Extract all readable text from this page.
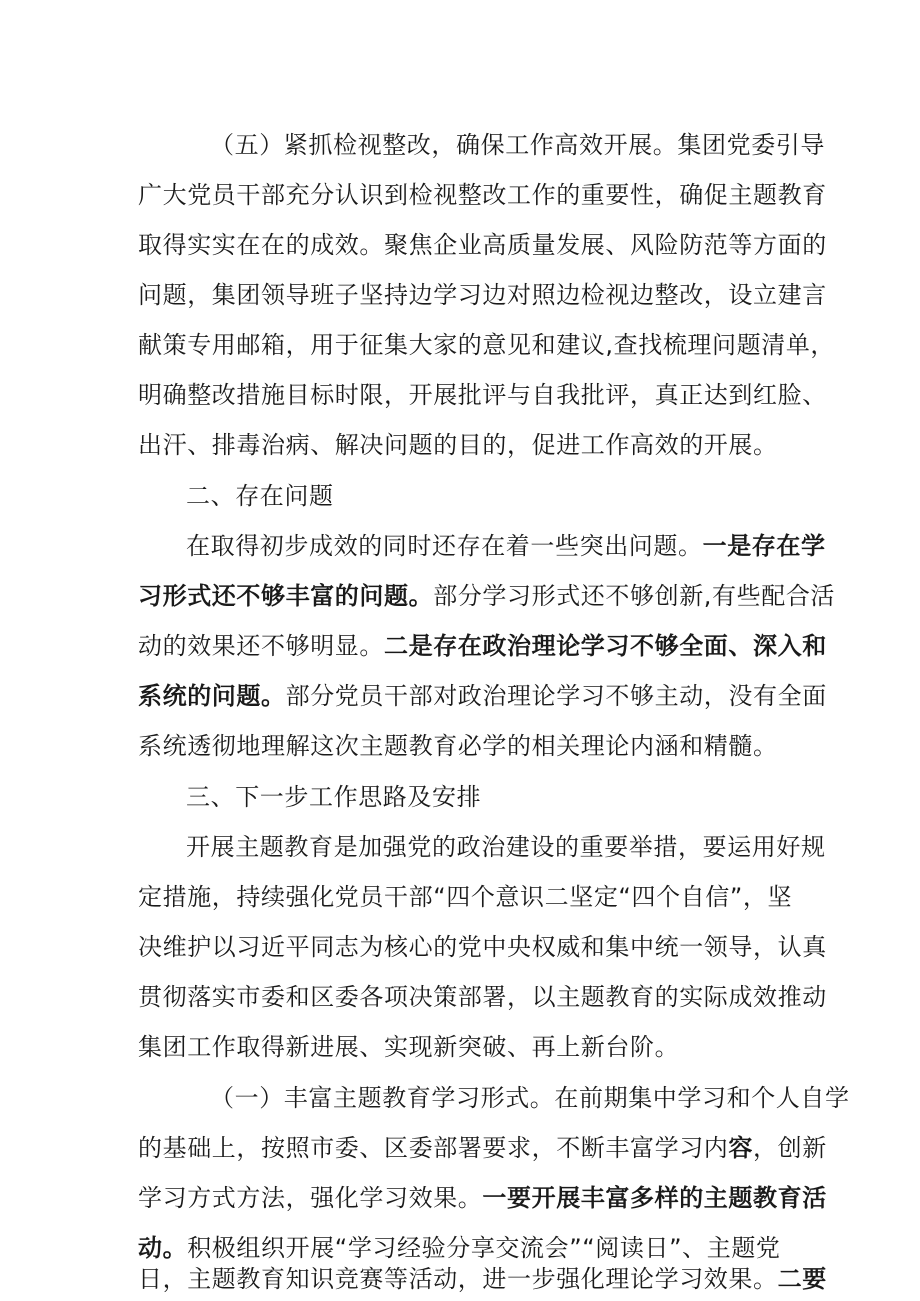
（五）紧抓检视整改，确保工作高效开展。集团党委引导
广大党员干部充分认识到检视整改工作的重要性，确促主题教育
取得实实在在的成效。聚焦企业高质量发展、风险防范等方面的
问题，集团领导班子坚持边学习边对照边检视边整改，设立建言
献策专用邮箱，用于征集大家的意见和建议,查找梳理问题清单，
明确整改措施目标时限，开展批评与自我批评，真正达到红脸、
出汗、排毒治病、解决问题的目的，促进工作高效的开展。
二、存在问题
在取得初步成效的同时还存在着一些突出问题。一是存在学
习形式还不够丰富的问题。部分学习形式还不够创新,有些配合活
动的效果还不够明显。二是存在政治理论学习不够全面、深入和
系统的问题。部分党员干部对政治理论学习不够主动，没有全面
系统透彻地理解这次主题教育必学的相关理论内涵和精髓。
三、下一步工作思路及安排
开展主题教育是加强党的政治建设的重要举措，要运用好规
定措施，持续强化党员干部“四个意识二坚定“四个自信”，坚
决维护以习近平同志为核心的党中央权威和集中统一领导，认真
贯彻落实市委和区委各项决策部署，以主题教育的实际成效推动
集团工作取得新进展、实现新突破、再上新台阶。
（一）丰富主题教育学习形式。在前期集中学习和个人自学
的基础上，按照市委、区委部署要求，不断丰富学习内容，创新
学习方式方法，强化学习效果。一要开展丰富多样的主题教育活
动。积极组织开展“学习经验分享交流会”“阅读日”、主题党
日，主题教育知识竞赛等活动，进一步强化理论学习效果。二要
